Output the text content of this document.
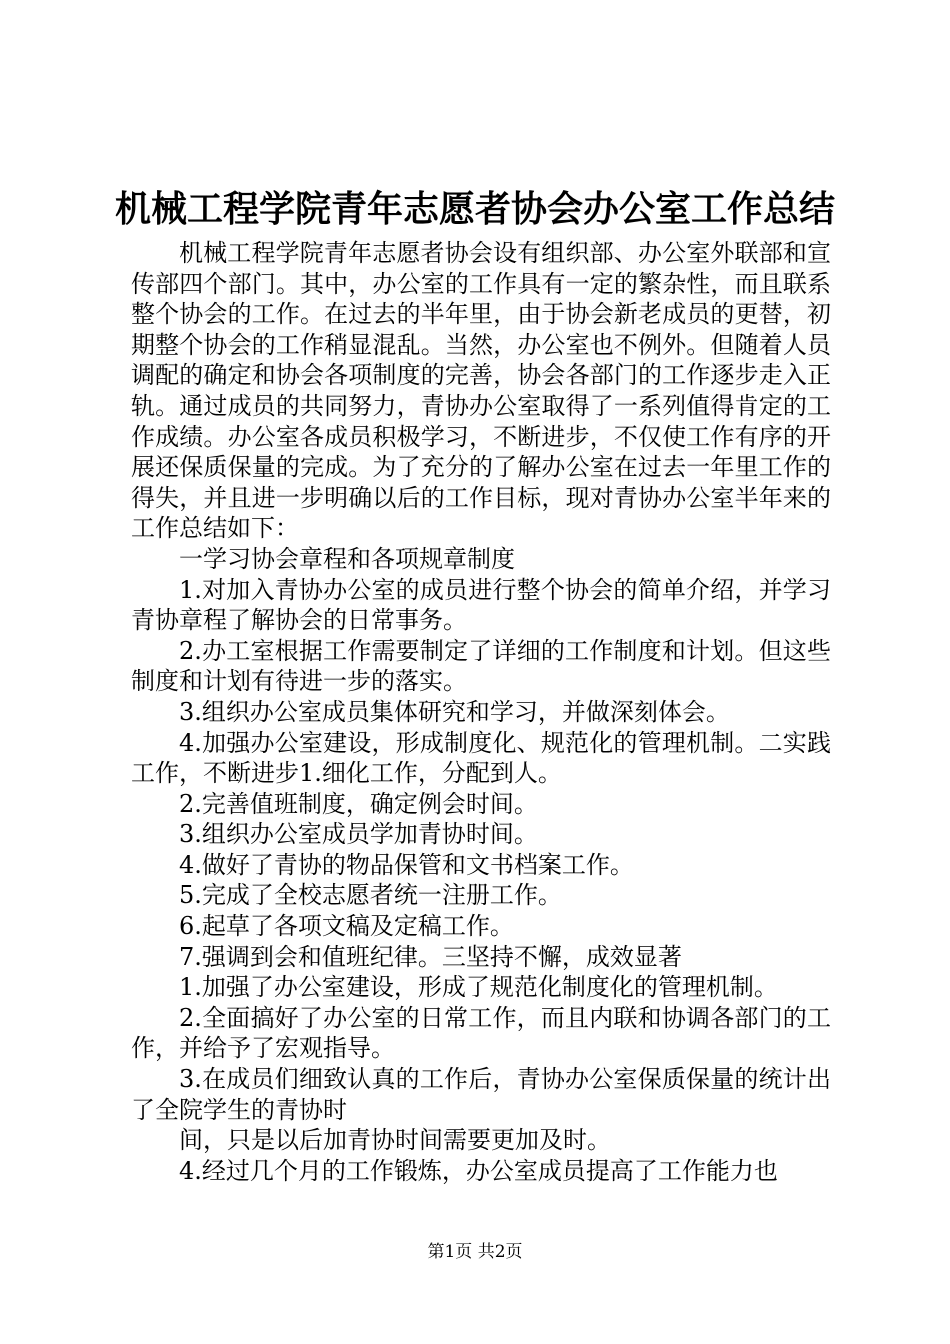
机械工程学院青年志愿者协会办公室工作总结

机械工程学院青年志愿者协会设有组织部、办公室外联部和宣传部四个部门。其中，办公室的工作具有一定的繁杂性，而且联系整个协会的工作。在过去的半年里，由于协会新老成员的更替，初期整个协会的工作稍显混乱。当然，办公室也不例外。但随着人员调配的确定和协会各项制度的完善，协会各部门的工作逐步走入正轨。通过成员的共同努力，青协办公室取得了一系列值得肯定的工作成绩。办公室各成员积极学习，不断进步，不仅使工作有序的开展还保质保量的完成。为了充分的了解办公室在过去一年里工作的得失，并且进一步明确以后的工作目标，现对青协办公室半年来的工作总结如下：

一学习协会章程和各项规章制度

1.对加入青协办公室的成员进行整个协会的简单介绍，并学习青协章程了解协会的日常事务。

2.办工室根据工作需要制定了详细的工作制度和计划。但这些制度和计划有待进一步的落实。

3.组织办公室成员集体研究和学习，并做深刻体会。

4.加强办公室建设，形成制度化、规范化的管理机制。二实践工作，不断进步1.细化工作，分配到人。

2.完善值班制度，确定例会时间。

3.组织办公室成员学加青协时间。

4.做好了青协的物品保管和文书档案工作。

5.完成了全校志愿者统一注册工作。

6.起草了各项文稿及定稿工作。

7.强调到会和值班纪律。三坚持不懈，成效显著

1.加强了办公室建设，形成了规范化制度化的管理机制。

2.全面搞好了办公室的日常工作，而且内联和协调各部门的工作，并给予了宏观指导。

3.在成员们细致认真的工作后，青协办公室保质保量的统计出了全院学生的青协时

间，只是以后加青协时间需要更加及时。

4.经过几个月的工作锻炼，办公室成员提高了工作能力也

第1页 共2页
